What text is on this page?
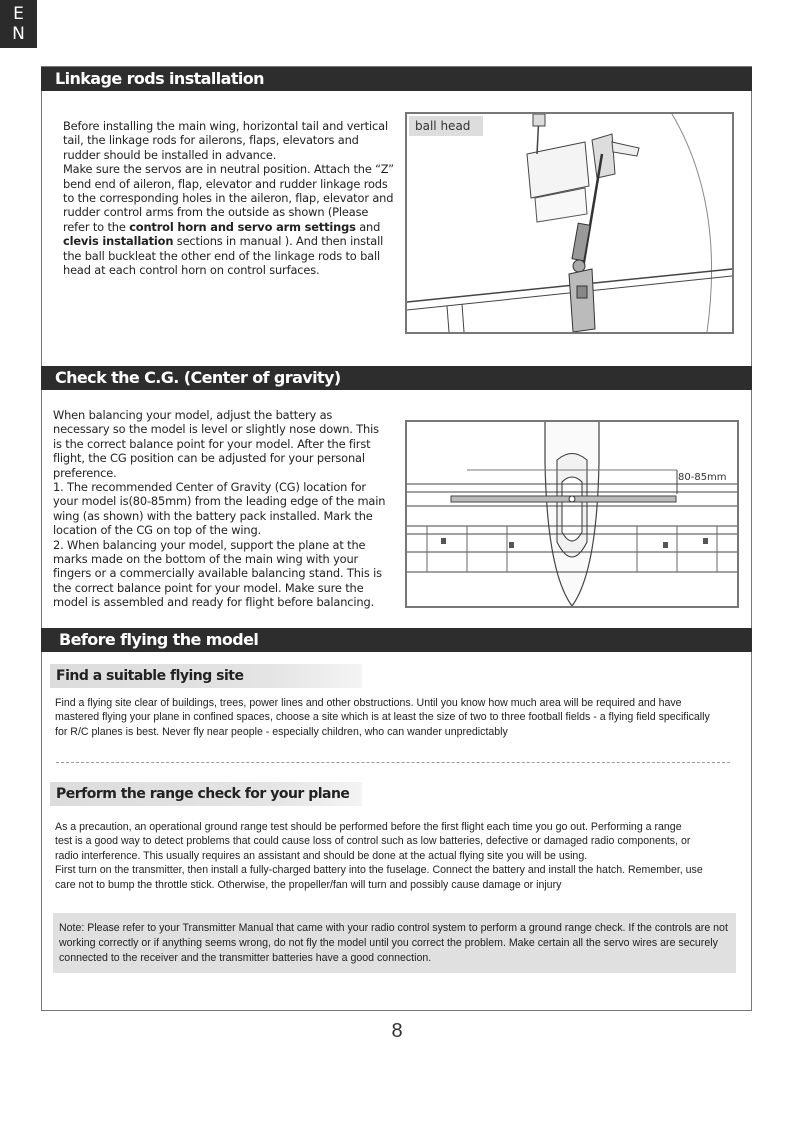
E
N
Linkage rods installation

Before installing the main wing, horizontal tail and vertical tail, the linkage rods for ailerons, flaps, elevators and rudder should be installed in advance.

Make sure the servos are in neutral position. Attach the “Z” bend end of aileron, flap, elevator and rudder linkage rods to the corresponding holes in the aileron, flap, elevator and rudder control arms from the outside as shown (Please refer to the control horn and servo arm settings and clevis installation sections in manual ). And then install the ball buckleat the other end of the linkage rods to ball head at each control horn on control surfaces.

ball head
Check the C.G. (Center of gravity)

When balancing your model, adjust the battery as necessary so the model is level or slightly nose down. This is the correct balance point for your model. After the first flight, the CG position can be adjusted for your personal preference.

1. The recommended Center of Gravity (CG) location for your model is(80-85mm) from the leading edge of the main wing (as shown) with the battery pack installed. Mark the location of the CG on top of the wing.

2. When balancing your model, support the plane at the marks made on the bottom of the main wing with your fingers or a commercially available balancing stand. This is the correct balance point for your model. Make sure the model is assembled and ready for flight before balancing.

80-85mm
Before flying the model
Find a suitable flying site

Find a flying site clear of buildings, trees, power lines and other obstructions. Until you know how much area will be required and have mastered flying your plane in confined spaces, choose a site which is at least the size of two to three football fields - a flying field specifically for R/C planes is best. Never fly near people - especially children, who can wander unpredictably

Perform the range check for your plane

As a precaution, an operational ground range test should be performed before the first flight each time you go out. Performing a range test is a good way to detect problems that could cause loss of control such as low batteries, defective or damaged radio components, or radio interference. This usually requires an assistant and should be done at the actual flying site you will be using.

First turn on the transmitter, then install a fully-charged battery into the fuselage. Connect the battery and install the hatch. Remember, use care not to bump the throttle stick. Otherwise, the propeller/fan will turn and possibly cause damage or injury

Note: Please refer to your Transmitter Manual that came with your radio control system to perform a ground range check. If the controls are not working correctly or if anything seems wrong, do not fly the model until you correct the problem. Make certain all the servo wires are securely connected to the receiver and the transmitter batteries have a good connection.

8
